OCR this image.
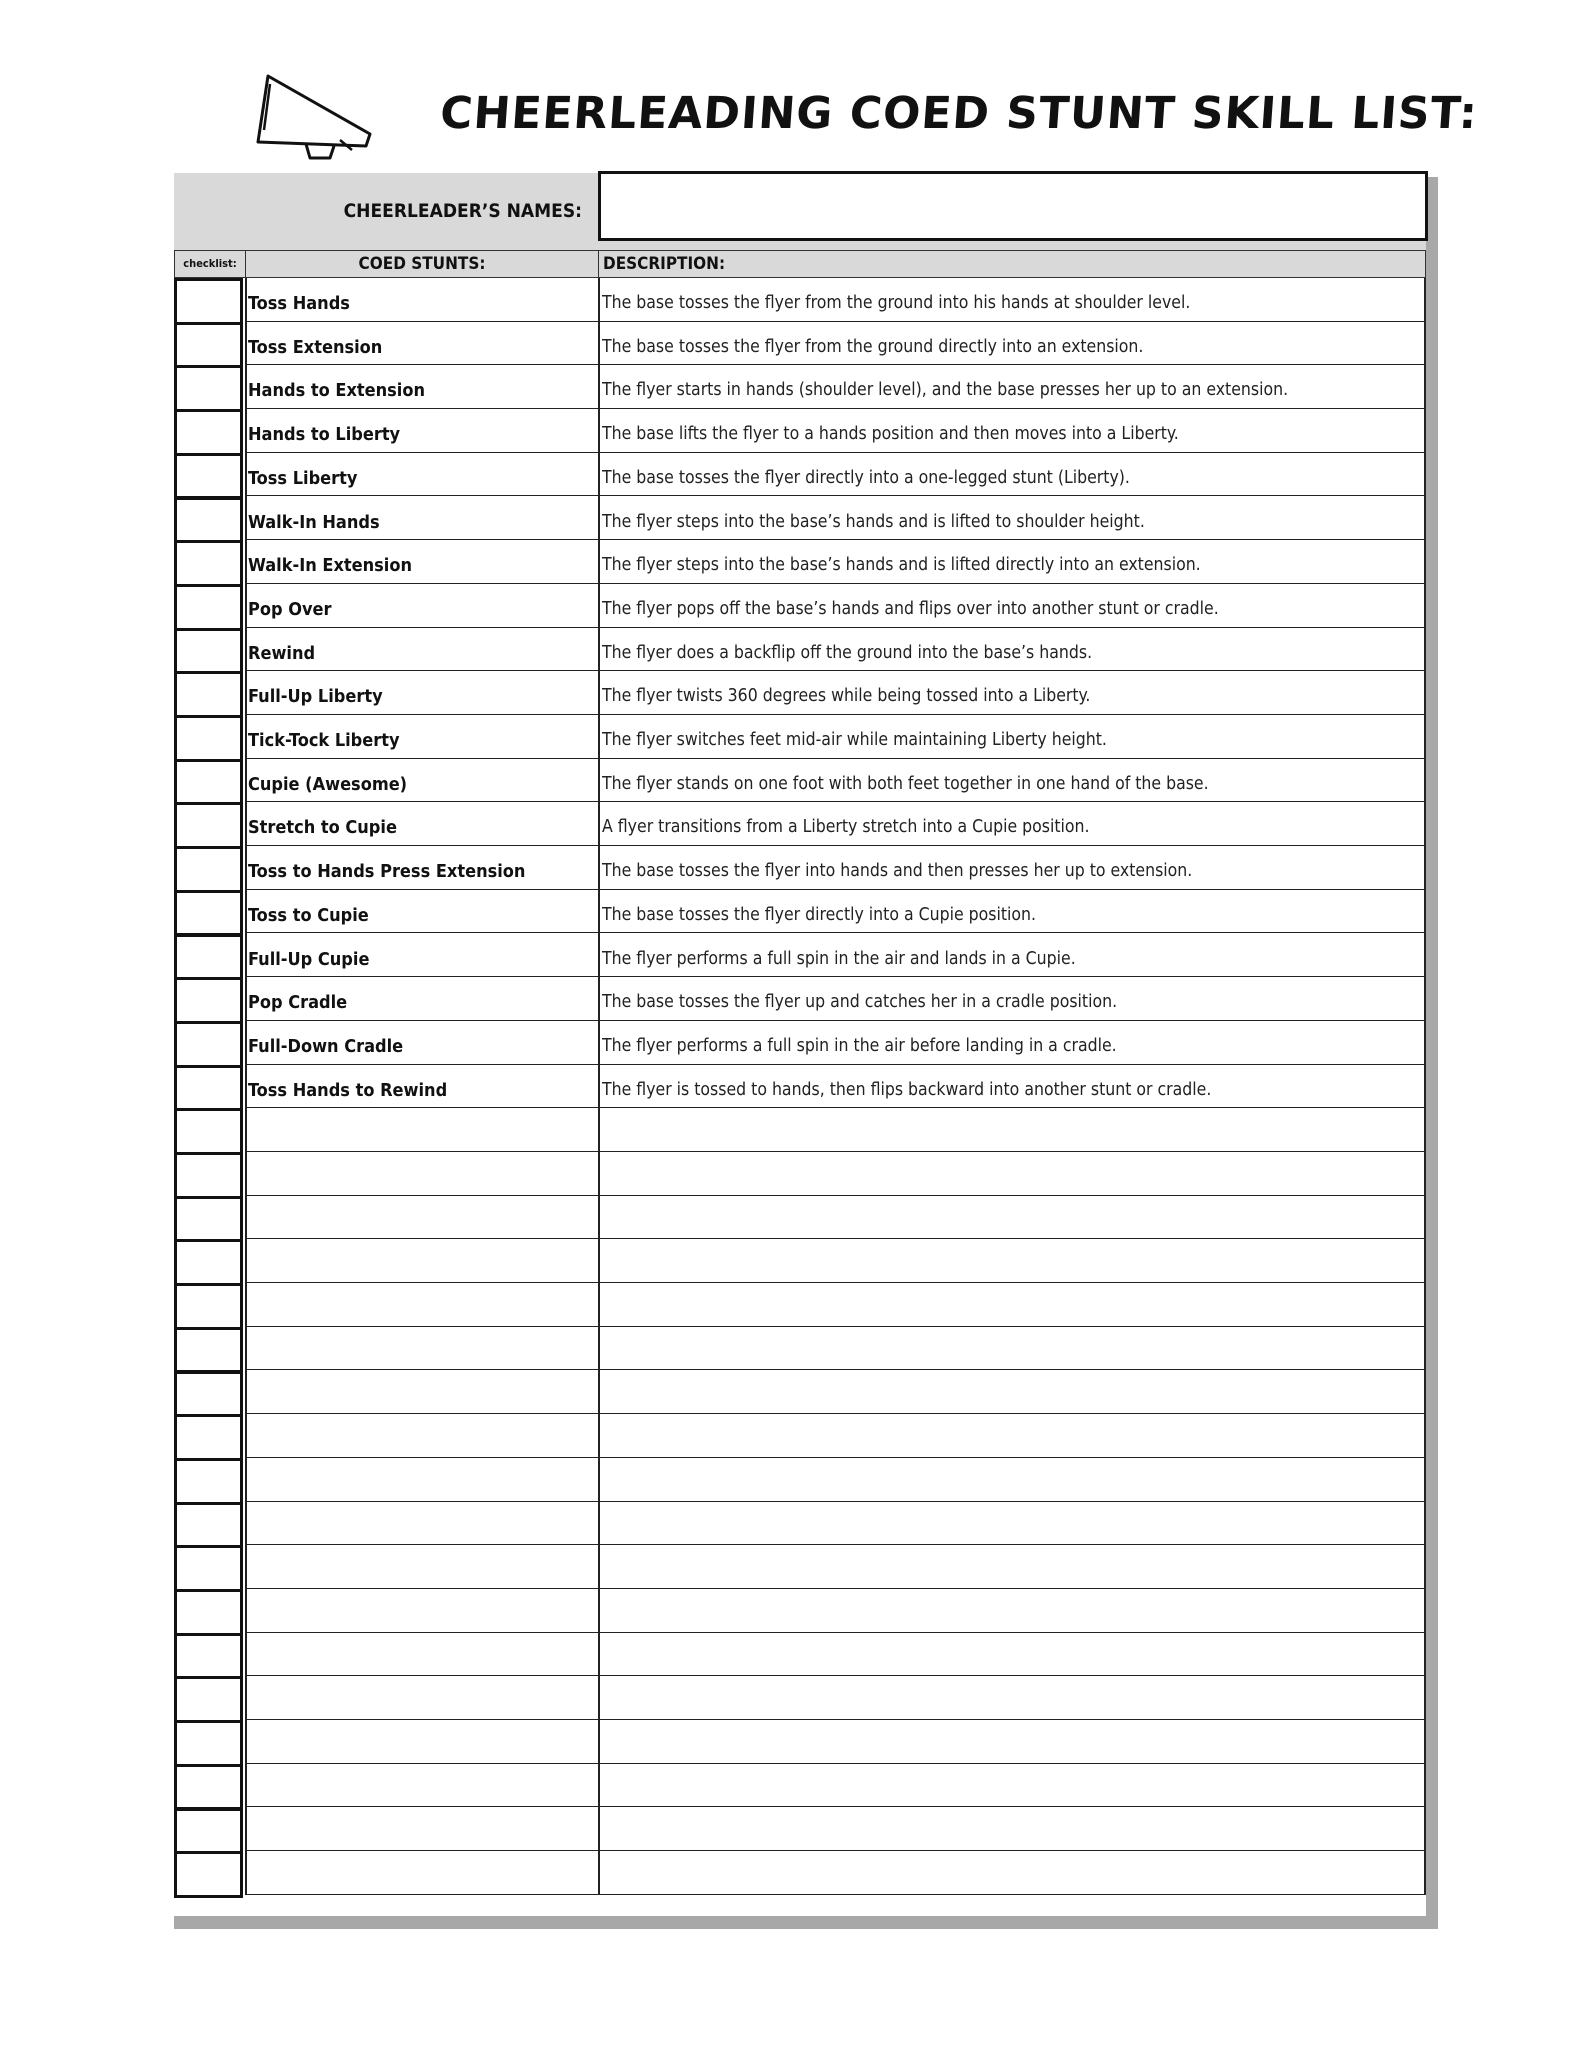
CHEERLEADING COED STUNT SKILL LIST:
CHEERLEADER’S NAMES:
checklist:	COED STUNTS:	DESCRIPTION:
Toss Hands	The base tosses the flyer from the ground into his hands at shoulder level.
Toss Extension	The base tosses the flyer from the ground directly into an extension.
Hands to Extension	The flyer starts in hands (shoulder level), and the base presses her up to an extension.
Hands to Liberty	The base lifts the flyer to a hands position and then moves into a Liberty.
Toss Liberty	The base tosses the flyer directly into a one-legged stunt (Liberty).
Walk-In Hands	The flyer steps into the base’s hands and is lifted to shoulder height.
Walk-In Extension	The flyer steps into the base’s hands and is lifted directly into an extension.
Pop Over	The flyer pops off the base’s hands and flips over into another stunt or cradle.
Rewind	The flyer does a backflip off the ground into the base’s hands.
Full-Up Liberty	The flyer twists 360 degrees while being tossed into a Liberty.
Tick-Tock Liberty	The flyer switches feet mid-air while maintaining Liberty height.
Cupie (Awesome)	The flyer stands on one foot with both feet together in one hand of the base.
Stretch to Cupie	A flyer transitions from a Liberty stretch into a Cupie position.
Toss to Hands Press Extension	The base tosses the flyer into hands and then presses her up to extension.
Toss to Cupie	The base tosses the flyer directly into a Cupie position.
Full-Up Cupie	The flyer performs a full spin in the air and lands in a Cupie.
Pop Cradle	The base tosses the flyer up and catches her in a cradle position.
Full-Down Cradle	The flyer performs a full spin in the air before landing in a cradle.
Toss Hands to Rewind	The flyer is tossed to hands, then flips backward into another stunt or cradle.
